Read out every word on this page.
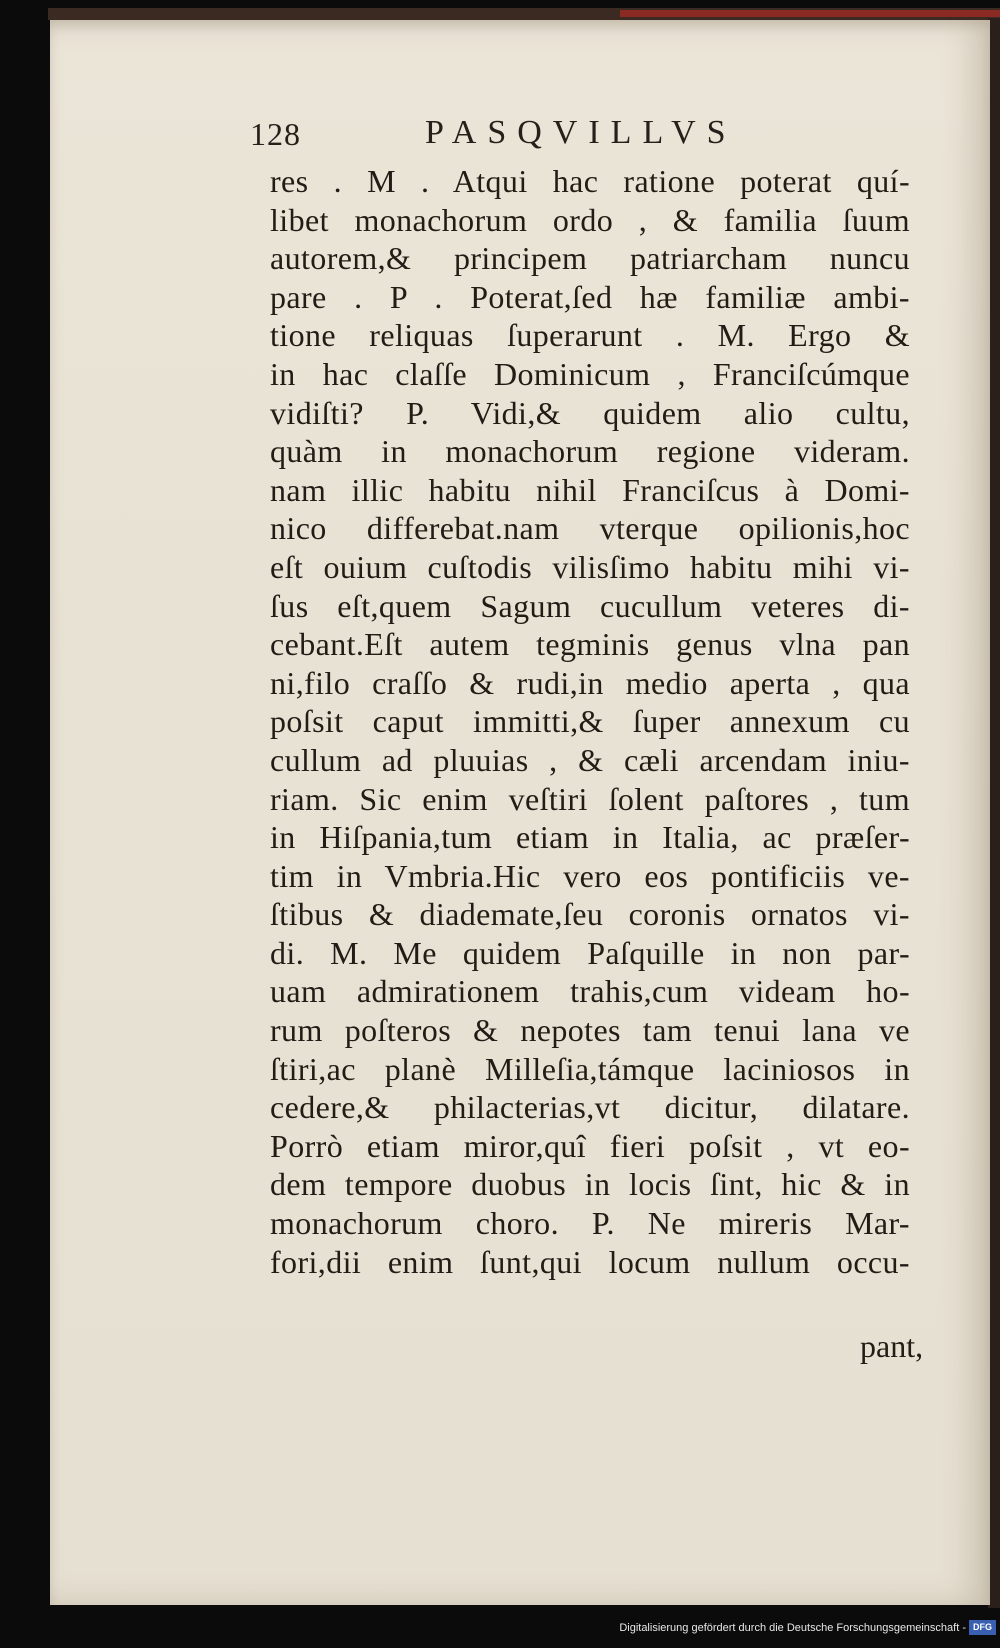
128	PASQVILLVS
res . M . Atqui hac ratione poterat quí-
libet monachorum ordo , & familia ſuum
autorem,& principem patriarcham nuncu
pare . P . Poterat,ſed hæ familiæ ambi-
tione reliquas ſuperarunt . M. Ergo &
in hac claſſe Dominicum , Franciſcúmque
vidiſti? P. Vidi,& quidem alio cultu,
quàm in monachorum regione videram.
nam illic habitu nihil Franciſcus à Domi-
nico differebat.nam vterque opilionis,hoc
eſt ouium cuſtodis vilisſimo habitu mihi vi-
ſus eſt,quem Sagum cucullum veteres di-
cebant.Eſt autem tegminis genus vlna pan
ni,filo craſſo & rudi,in medio aperta , qua
poſsit caput immitti,& ſuper annexum cu
cullum ad pluuias , & cæli arcendam iniu-
riam. Sic enim veſtiri ſolent paſtores , tum
in Hiſpania,tum etiam in Italia, ac præſer-
tim in Vmbria.Hic vero eos pontificiis ve-
ſtibus & diademate,ſeu coronis ornatos vi-
di. M. Me quidem Paſquille in non par-
uam admirationem trahis,cum videam ho-
rum poſteros & nepotes tam tenui lana ve
ſtiri,ac planè Milleſia,támque laciniosos in
cedere,& philacterias,vt dicitur, dilatare.
Porrò etiam miror,quî fieri poſsit , vt eo-
dem tempore duobus in locis ſint, hic & in
monachorum choro. P. Ne mireris Mar-
fori,dii enim ſunt,qui locum nullum occu-
pant,
Digitalisierung gefördert durch die Deutsche Forschungsgemeinschaft - DFG
